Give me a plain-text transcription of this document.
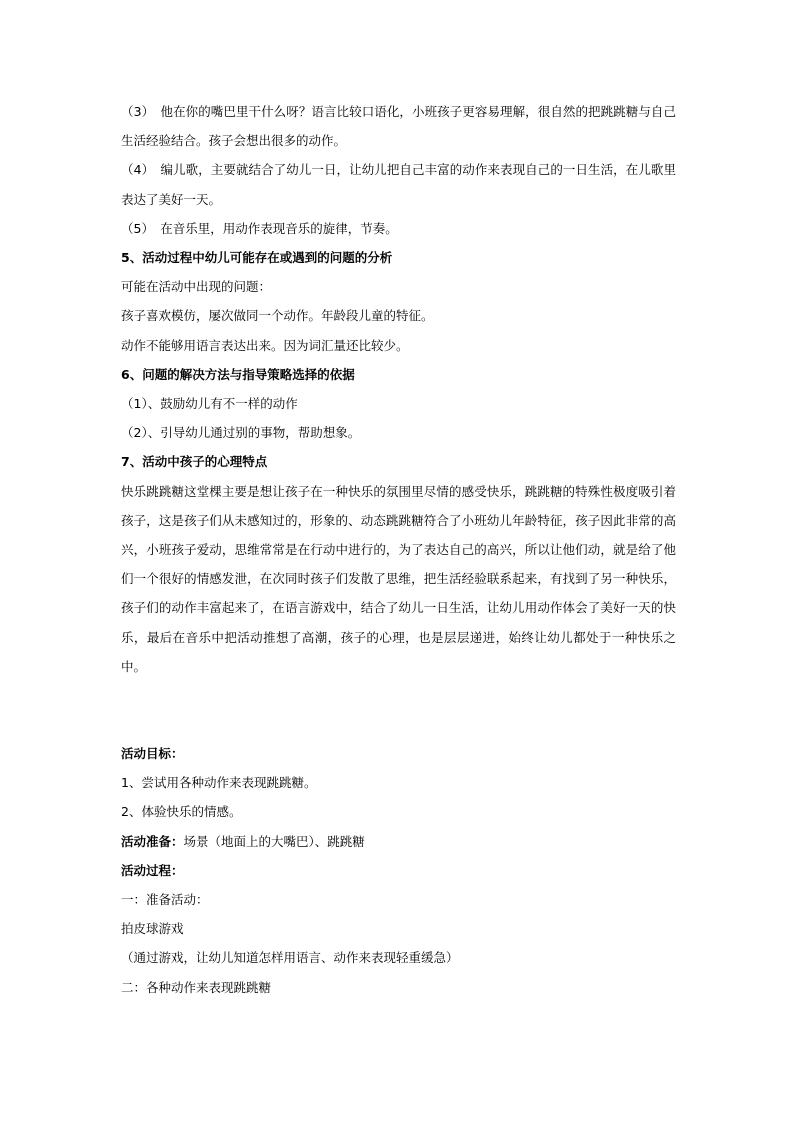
（3）　他在你的嘴巴里干什么呀？语言比较口语化，小班孩子更容易理解，很自然的把跳跳糖与自己生活经验结合。孩子会想出很多的动作。

（4）　编儿歌，主要就结合了幼儿一日，让幼儿把自己丰富的动作来表现自己的一日生活，在儿歌里表达了美好一天。

（5）　在音乐里，用动作表现音乐的旋律，节奏。

5、活动过程中幼儿可能存在或遇到的问题的分析

可能在活动中出现的问题：

孩子喜欢模仿，屡次做同一个动作。年龄段儿童的特征。

动作不能够用语言表达出来。因为词汇量还比较少。

6、问题的解决方法与指导策略选择的依据

（1）、鼓励幼儿有不一样的动作

（2）、引导幼儿通过别的事物，帮助想象。

7、活动中孩子的心理特点

快乐跳跳糖这堂棵主要是想让孩子在一种快乐的氛围里尽情的感受快乐，跳跳糖的特殊性极度吸引着孩子，这是孩子们从未感知过的，形象的、动态跳跳糖符合了小班幼儿年龄特征，孩子因此非常的高兴，小班孩子爱动，思维常常是在行动中进行的，为了表达自己的高兴，所以让他们动，就是给了他们一个很好的情感发泄，在次同时孩子们发散了思维，把生活经验联系起来，有找到了另一种快乐，孩子们的动作丰富起来了，在语言游戏中，结合了幼儿一日生活，让幼儿用动作体会了美好一天的快乐，最后在音乐中把活动推想了高潮，孩子的心理，也是层层递进，始终让幼儿都处于一种快乐之中。

活动目标：

1、尝试用各种动作来表现跳跳糖。

2、体验快乐的情感。

活动准备：场景（地面上的大嘴巴）、跳跳糖

活动过程：

一：准备活动：

拍皮球游戏

（通过游戏，让幼儿知道怎样用语言、动作来表现轻重缓急）

二：各种动作来表现跳跳糖
